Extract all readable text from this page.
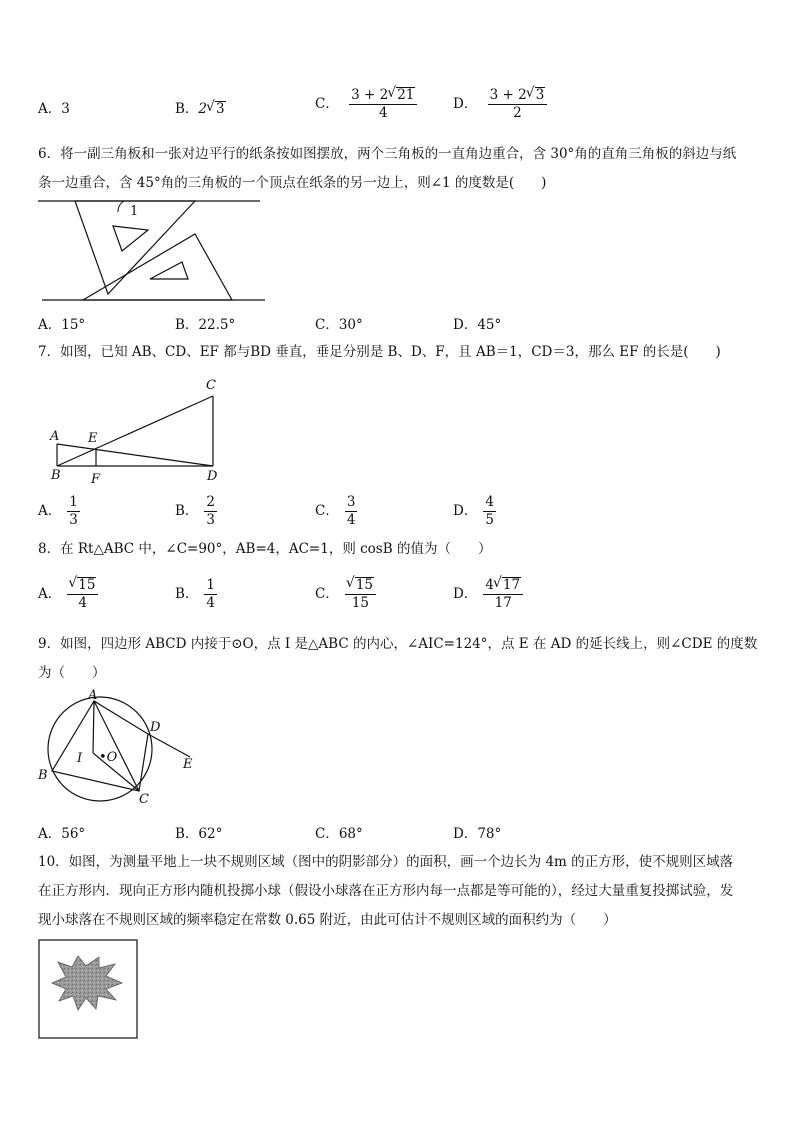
A．3	B．2 √ 3	C． $\frac{3 + 2 √ 21}{4}$	D． $\frac{3 + 2 √ 3}{2}$
6．将一副三角板和一张对边平行的纸条按如图摆放，两个三角板的一直角边重合，含 30°角的直角三角板的斜边与纸
条一边重合，含 45°角的三角板的一个顶点在纸条的另一边上，则∠1 的度数是(　　)
1
A．15°	B．22.5°	C．30°	D．45°
7．如图，已知 AB、CD、EF 都与BD 垂直，垂足分别是 B、D、F，且 AB＝1，CD＝3，那么 EF 的长是(　　)
A
B
C
D
E
F
A． $\frac{1}{3}$	B． $\frac{2}{3}$	C． $\frac{3}{4}$	D． $\frac{4}{5}$
8．在 Rt△ABC 中，∠C=90°，AB=4，AC=1，则 cosB 的值为（　　）
A． √ $\frac{15}{4}$	B． $\frac{1}{4}$	C． √ $\frac{15}{15}$	D． $\frac{4 √ 17}{17}$
9．如图，四边形 ABCD 内接于⊙O，点 I 是△ABC 的内心，∠AIC=124°，点 E 在 AD 的延长线上，则∠CDE 的度数
为（　　）
A
B
C
D
E
I •O
A．56°	B．62°	C．68°	D．78°
10．如图，为测量平地上一块不规则区域（图中的阴影部分）的面积，画一个边长为 4m 的正方形，使不规则区域落
在正方形内．现向正方形内随机投掷小球（假设小球落在正方形内每一点都是等可能的），经过大量重复投掷试验，发
现小球落在不规则区域的频率稳定在常数 0.65 附近，由此可估计不规则区域的面积约为（　　）
